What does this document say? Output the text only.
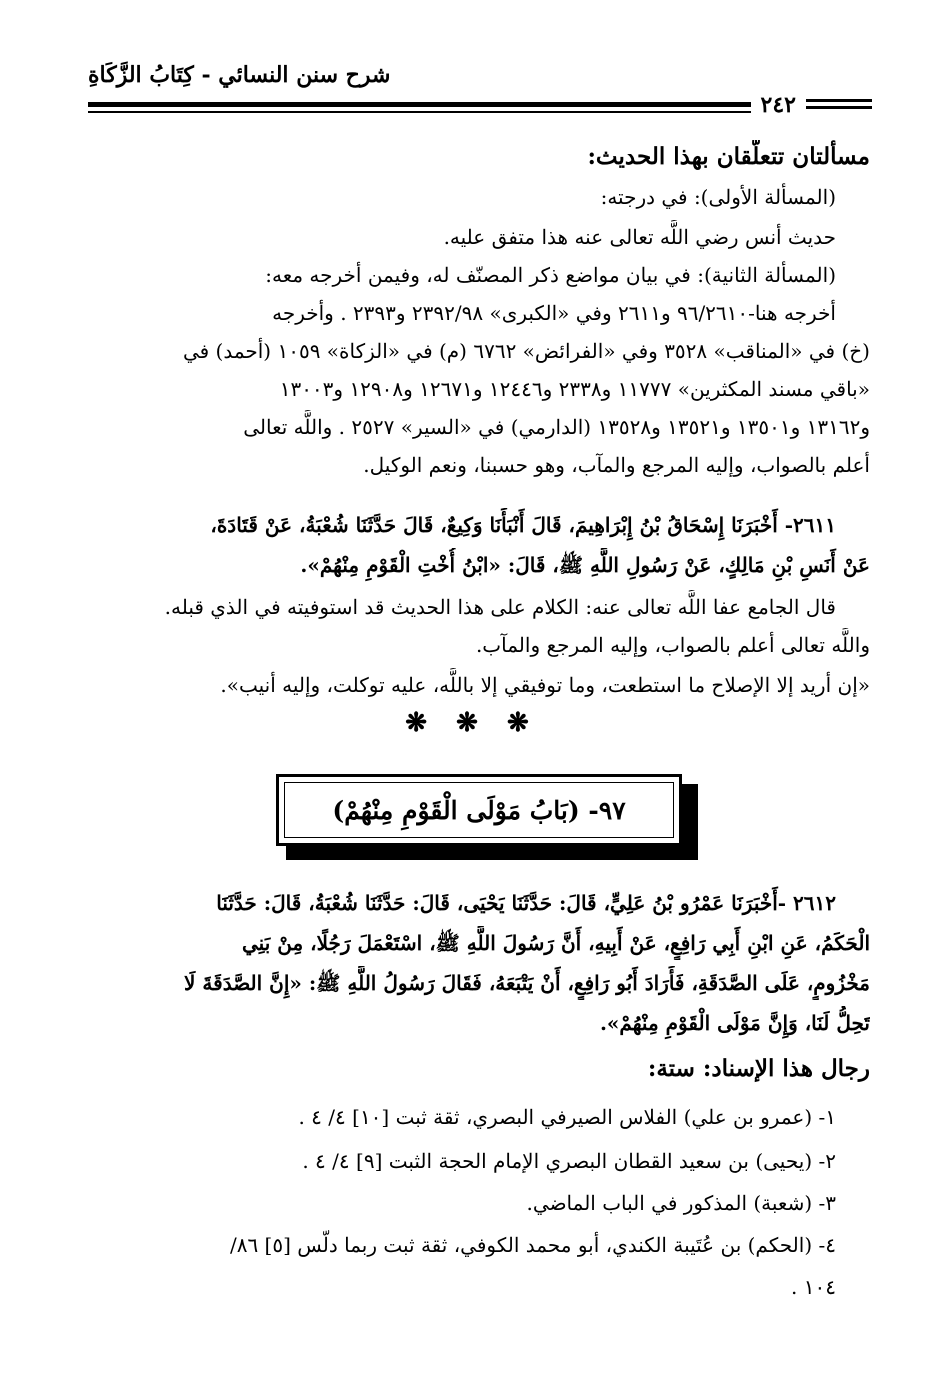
شرح سنن النسائي - كِتَابُ الزَّكَاةِ
٢٤٢
مسألتان تتعلّقان بهذا الحديث:
(المسألة الأولى): في درجته:
حديث أنس رضي اللَّه تعالى عنه هذا متفق عليه.
(المسألة الثانية): في بيان مواضع ذكر المصنّف له، وفيمن أخرجه معه:
أخرجه هنا-٩٦/٢٦١٠ و٢٦١١ وفي «الكبرى» ٢٣٩٢/٩٨ و٢٣٩٣ . وأخرجه
(خ) في «المناقب» ٣٥٢٨ وفي «الفرائض» ٦٧٦٢ (م) في «الزكاة» ١٠٥٩ (أحمد) في
«باقي مسند المكثرين» ١١٧٧٧ و٢٣٣٨ و١٢٤٤٦ و١٢٦٧١ و١٢٩٠٨ و١٣٠٠٣
و١٣١٦٢ و١٣٥٠١ و١٣٥٢١ و١٣٥٢٨ (الدارمي) في «السير» ٢٥٢٧ . واللَّه تعالى
أعلم بالصواب، وإليه المرجع والمآب، وهو حسبنا، ونعم الوكيل.
٢٦١١- أَخْبَرَنَا إِسْحَاقُ بْنُ إِبْرَاهِيمَ، قَالَ أَنْبَأَنَا وَكِيعٌ، قَالَ حَدَّثَنَا شُعْبَةُ، عَنْ قَتَادَةَ،
عَنْ أَنَسِ بْنِ مَالِكٍ، عَنْ رَسُولِ اللَّهِ ﷺ، قَالَ: «ابْنُ أُخْتِ الْقَوْمِ مِنْهُمْ».
قال الجامع عفا اللَّه تعالى عنه: الكلام على هذا الحديث قد استوفيته في الذي قبله.
واللَّه تعالى أعلم بالصواب، وإليه المرجع والمآب.
«إن أريد إلا الإصلاح ما استطعت، وما توفيقي إلا باللَّه، عليه توكلت، وإليه أنيب».
❋ ❋ ❋
٩٧- (بَابُ مَوْلَى الْقَوْمِ مِنْهُمْ)
٢٦١٢ -أَخْبَرَنَا عَمْرُو بْنُ عَلِيٍّ، قَالَ: حَدَّثَنَا يَحْيَى، قَالَ: حَدَّثَنَا شُعْبَةُ، قَالَ: حَدَّثَنَا
الْحَكَمُ، عَنِ ابْنِ أَبِي رَافِعٍ، عَنْ أَبِيهِ، أَنَّ رَسُولَ اللَّهِ ﷺ، اسْتَعْمَلَ رَجُلًا، مِنْ بَنِي
مَخْزُومٍ، عَلَى الصَّدَقَةِ، فَأَرَادَ أَبُو رَافِعٍ، أَنْ يَتْبَعَهُ، فَقَالَ رَسُولُ اللَّهِ ﷺ: «إِنَّ الصَّدَقَةَ لَا
تَحِلُّ لَنَا، وَإِنَّ مَوْلَى الْقَوْمِ مِنْهُمْ».
رجال هذا الإسناد: ستة:
١- (عمرو بن علي) الفلاس الصيرفي البصري، ثقة ثبت [١٠] ٤/ ٤ .
٢- (يحيى) بن سعيد القطان البصري الإمام الحجة الثبت [٩] ٤/ ٤ .
٣- (شعبة) المذكور في الباب الماضي.
٤- (الحكم) بن عُتَيبة الكندي، أبو محمد الكوفي، ثقة ثبت ربما دلّس [٥] ٨٦/
١٠٤ .
